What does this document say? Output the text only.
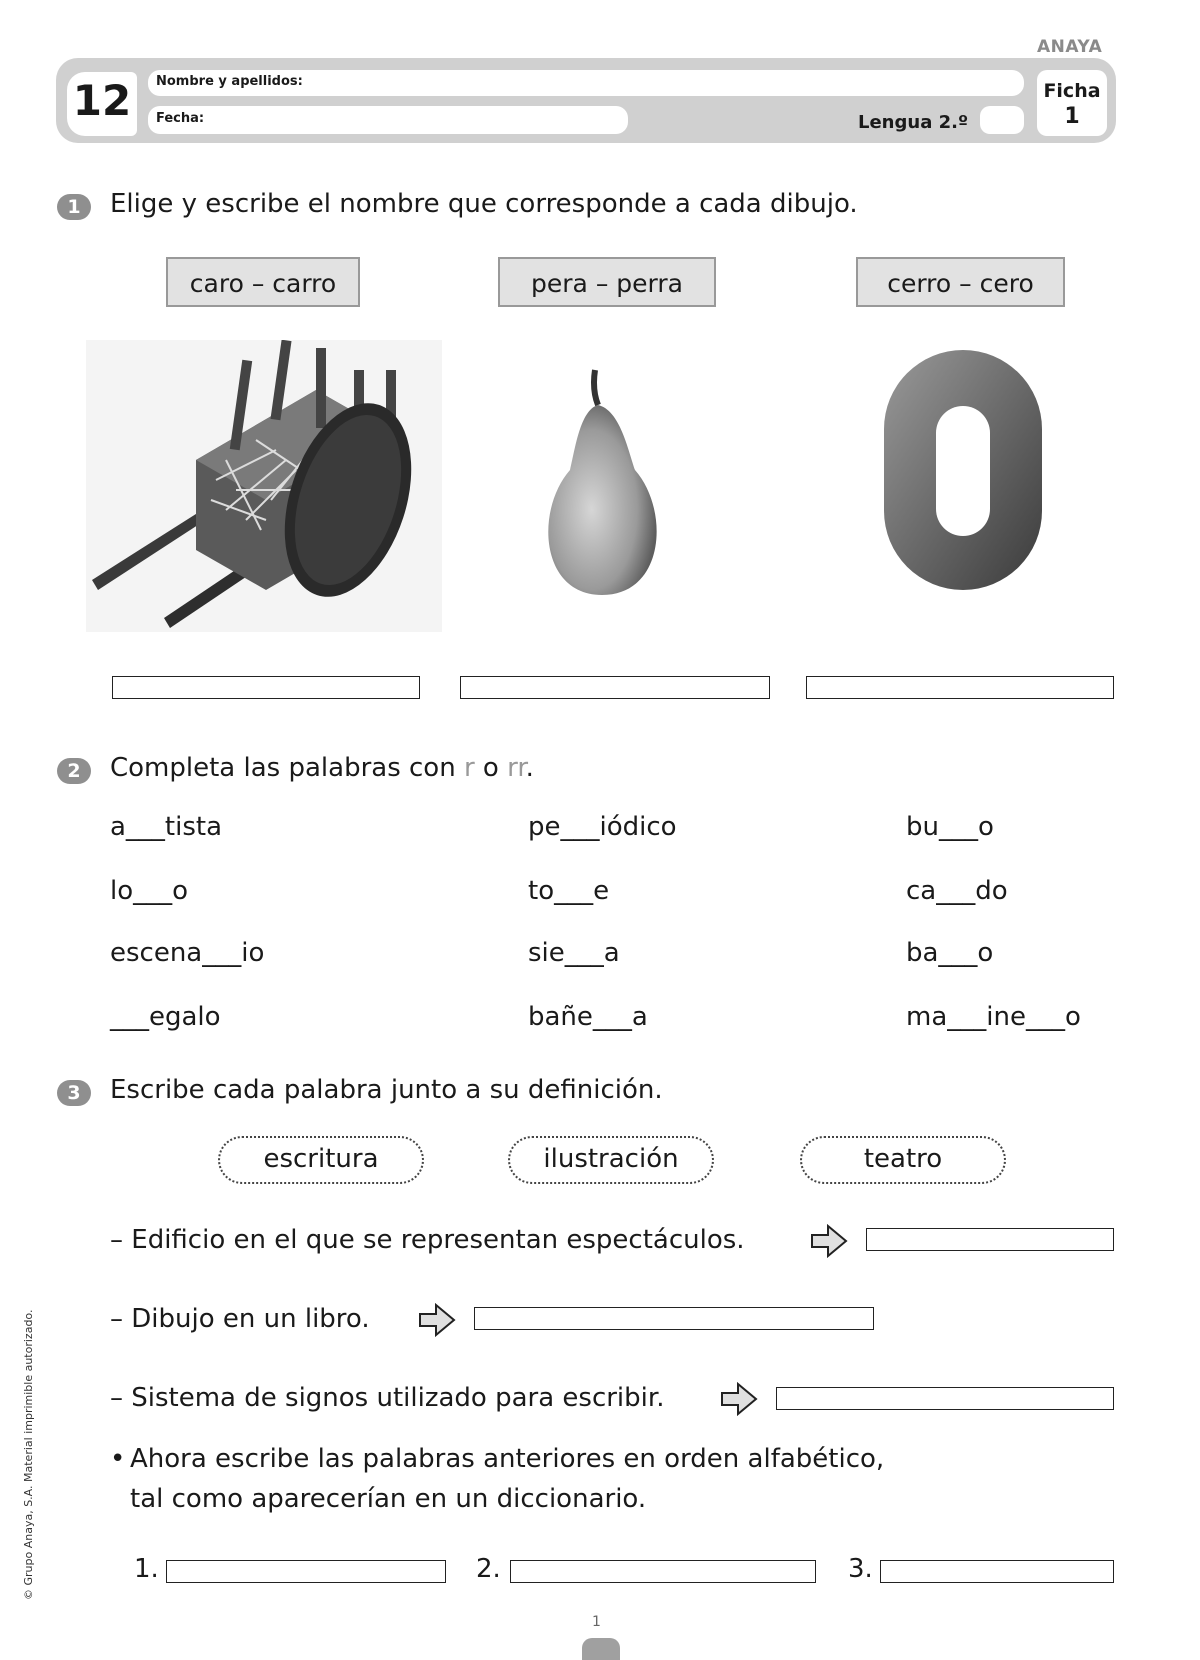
ANAYA
12	Nombre y apellidos:
Fecha:	Lengua 2.º
Ficha
1
1	Elige y escribe el nombre que corresponde a cada dibujo.
caro – carro	pera – perra	cerro – cero
2	Completa las palabras con r o rr.
a___tista	pe___iódico	bu___o
lo___o	to___e	ca___do
escena___io	sie___a	ba___o
___egalo	bañe___a	ma___ine___o
3	Escribe cada palabra junto a su definición.
escritura	ilustración	teatro
– Edificio en el que se representan espectáculos.
– Dibujo en un libro.
– Sistema de signos utilizado para escribir.
• Ahora escribe las palabras anteriores en orden alfabético,
tal como aparecerían en un diccionario.
1.	2.	3.
© Grupo Anaya, S.A. Material imprimible autorizado.
1
